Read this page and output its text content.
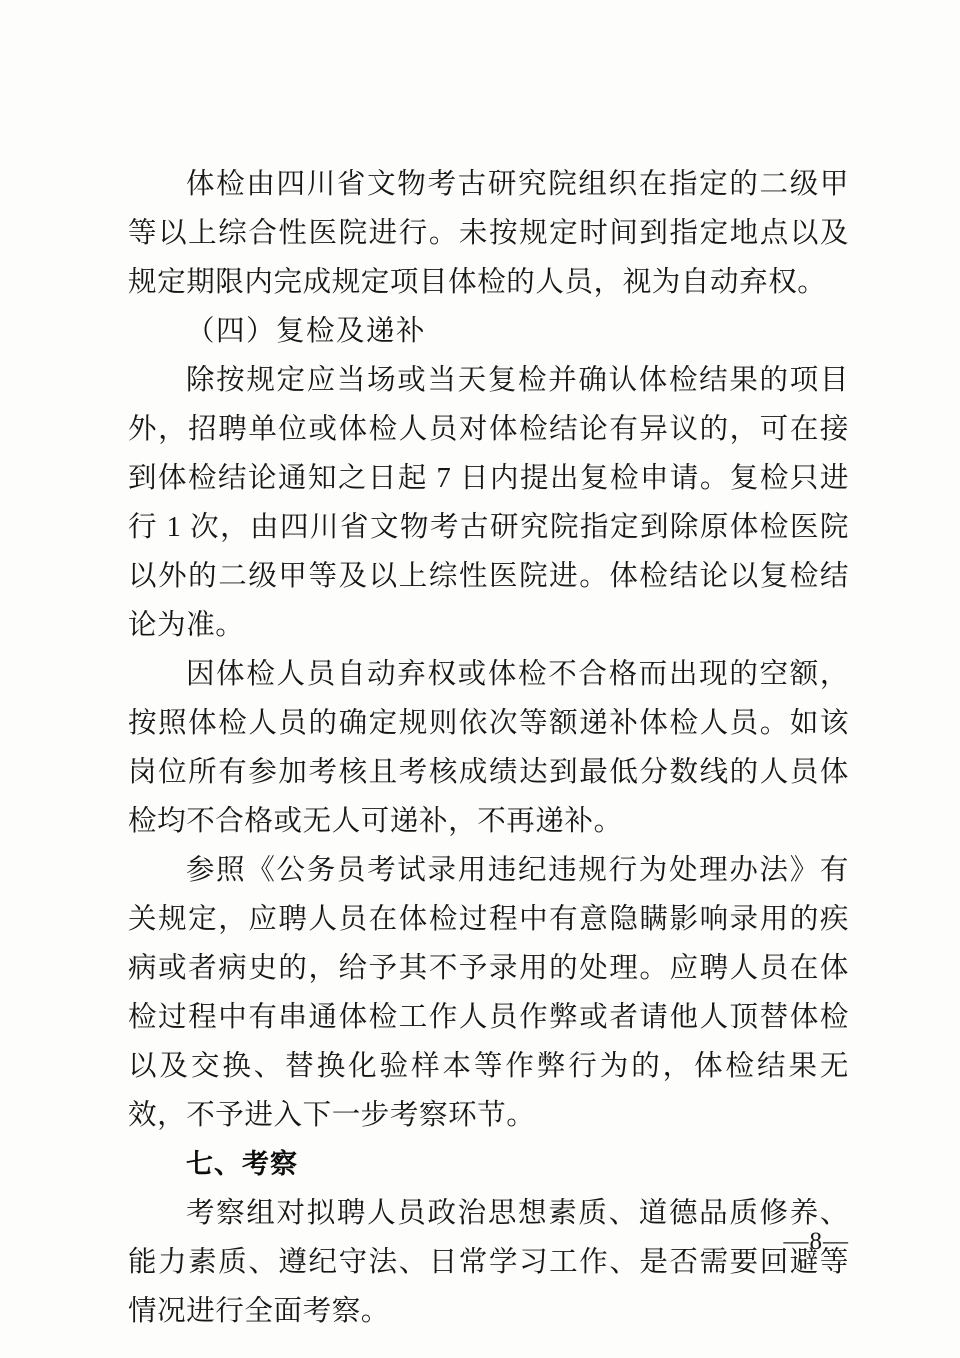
体检由四川省文物考古研究院组织在指定的二级甲等以上综合性医院进行。未按规定时间到指定地点以及规定期限内完成规定项目体检的人员，视为自动弃权。

（四）复检及递补

除按规定应当场或当天复检并确认体检结果的项目外，招聘单位或体检人员对体检结论有异议的，可在接到体检结论通知之日起 7 日内提出复检申请。复检只进行 1 次，由四川省文物考古研究院指定到除原体检医院以外的二级甲等及以上综性医院进。体检结论以复检结论为准。

因体检人员自动弃权或体检不合格而出现的空额，按照体检人员的确定规则依次等额递补体检人员。如该岗位所有参加考核且考核成绩达到最低分数线的人员体检均不合格或无人可递补，不再递补。

参照《公务员考试录用违纪违规行为处理办法》有关规定，应聘人员在体检过程中有意隐瞒影响录用的疾病或者病史的，给予其不予录用的处理。应聘人员在体检过程中有串通体检工作人员作弊或者请他人顶替体检以及交换、替换化验样本等作弊行为的，体检结果无效，不予进入下一步考察环节。

七、考察

考察组对拟聘人员政治思想素质、道德品质修养、能力素质、遵纪守法、日常学习工作、是否需要回避等情况进行全面考察。

—8—
